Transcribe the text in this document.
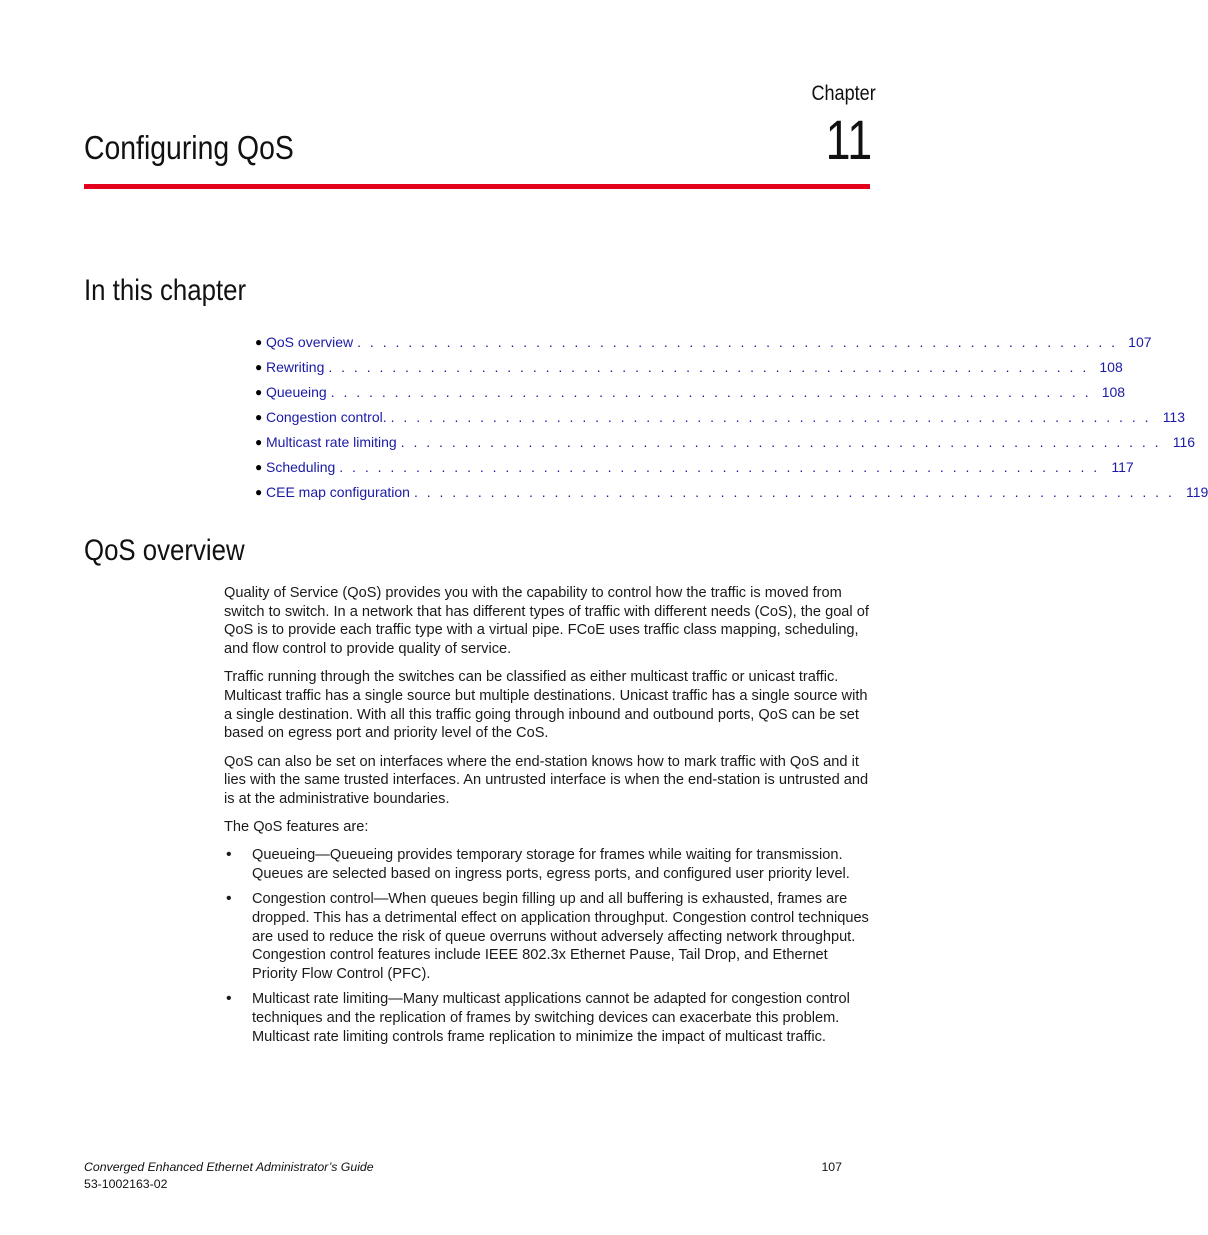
Chapter
11
Configuring QoS
In this chapter
● QoS overview . . . . . . . . . . . . . . . . . . . . . . . . . . . . . . . . . . . . . . . . . . . . . . . . . . . . . . . . . . . . 107
● Rewriting . . . . . . . . . . . . . . . . . . . . . . . . . . . . . . . . . . . . . . . . . . . . . . . . . . . . . . . . . . . . 108
● Queueing . . . . . . . . . . . . . . . . . . . . . . . . . . . . . . . . . . . . . . . . . . . . . . . . . . . . . . . . . . . . 108
● Congestion control. . . . . . . . . . . . . . . . . . . . . . . . . . . . . . . . . . . . . . . . . . . . . . . . . . . . . . . . . . . . . 113
● Multicast rate limiting . . . . . . . . . . . . . . . . . . . . . . . . . . . . . . . . . . . . . . . . . . . . . . . . . . . . . . . . . . . . 116
● Scheduling . . . . . . . . . . . . . . . . . . . . . . . . . . . . . . . . . . . . . . . . . . . . . . . . . . . . . . . . . . . . 117
● CEE map configuration . . . . . . . . . . . . . . . . . . . . . . . . . . . . . . . . . . . . . . . . . . . . . . . . . . . . . . . . . . . . 119
QoS overview

Quality of Service (QoS) provides you with the capability to control how the traffic is moved from switch to switch. In a network that has different types of traffic with different needs (CoS), the goal of QoS is to provide each traffic type with a virtual pipe. FCoE uses traffic class mapping, scheduling, and flow control to provide quality of service.

Traffic running through the switches can be classified as either multicast traffic or unicast traffic. Multicast traffic has a single source but multiple destinations. Unicast traffic has a single source with a single destination. With all this traffic going through inbound and outbound ports, QoS can be set based on egress port and priority level of the CoS.

QoS can also be set on interfaces where the end-station knows how to mark traffic with QoS and it lies with the same trusted interfaces. An untrusted interface is when the end-station is untrusted and is at the administrative boundaries.

The QoS features are:

• Queueing—Queueing provides temporary storage for frames while waiting for transmission. Queues are selected based on ingress ports, egress ports, and configured user priority level.
• Congestion control—When queues begin filling up and all buffering is exhausted, frames are dropped. This has a detrimental effect on application throughput. Congestion control techniques are used to reduce the risk of queue overruns without adversely affecting network throughput. Congestion control features include IEEE 802.3x Ethernet Pause, Tail Drop, and Ethernet Priority Flow Control (PFC).
• Multicast rate limiting—Many multicast applications cannot be adapted for congestion control techniques and the replication of frames by switching devices can exacerbate this problem. Multicast rate limiting controls frame replication to minimize the impact of multicast traffic.
Converged Enhanced Ethernet Administrator’s Guide
53-1002163-02
107
